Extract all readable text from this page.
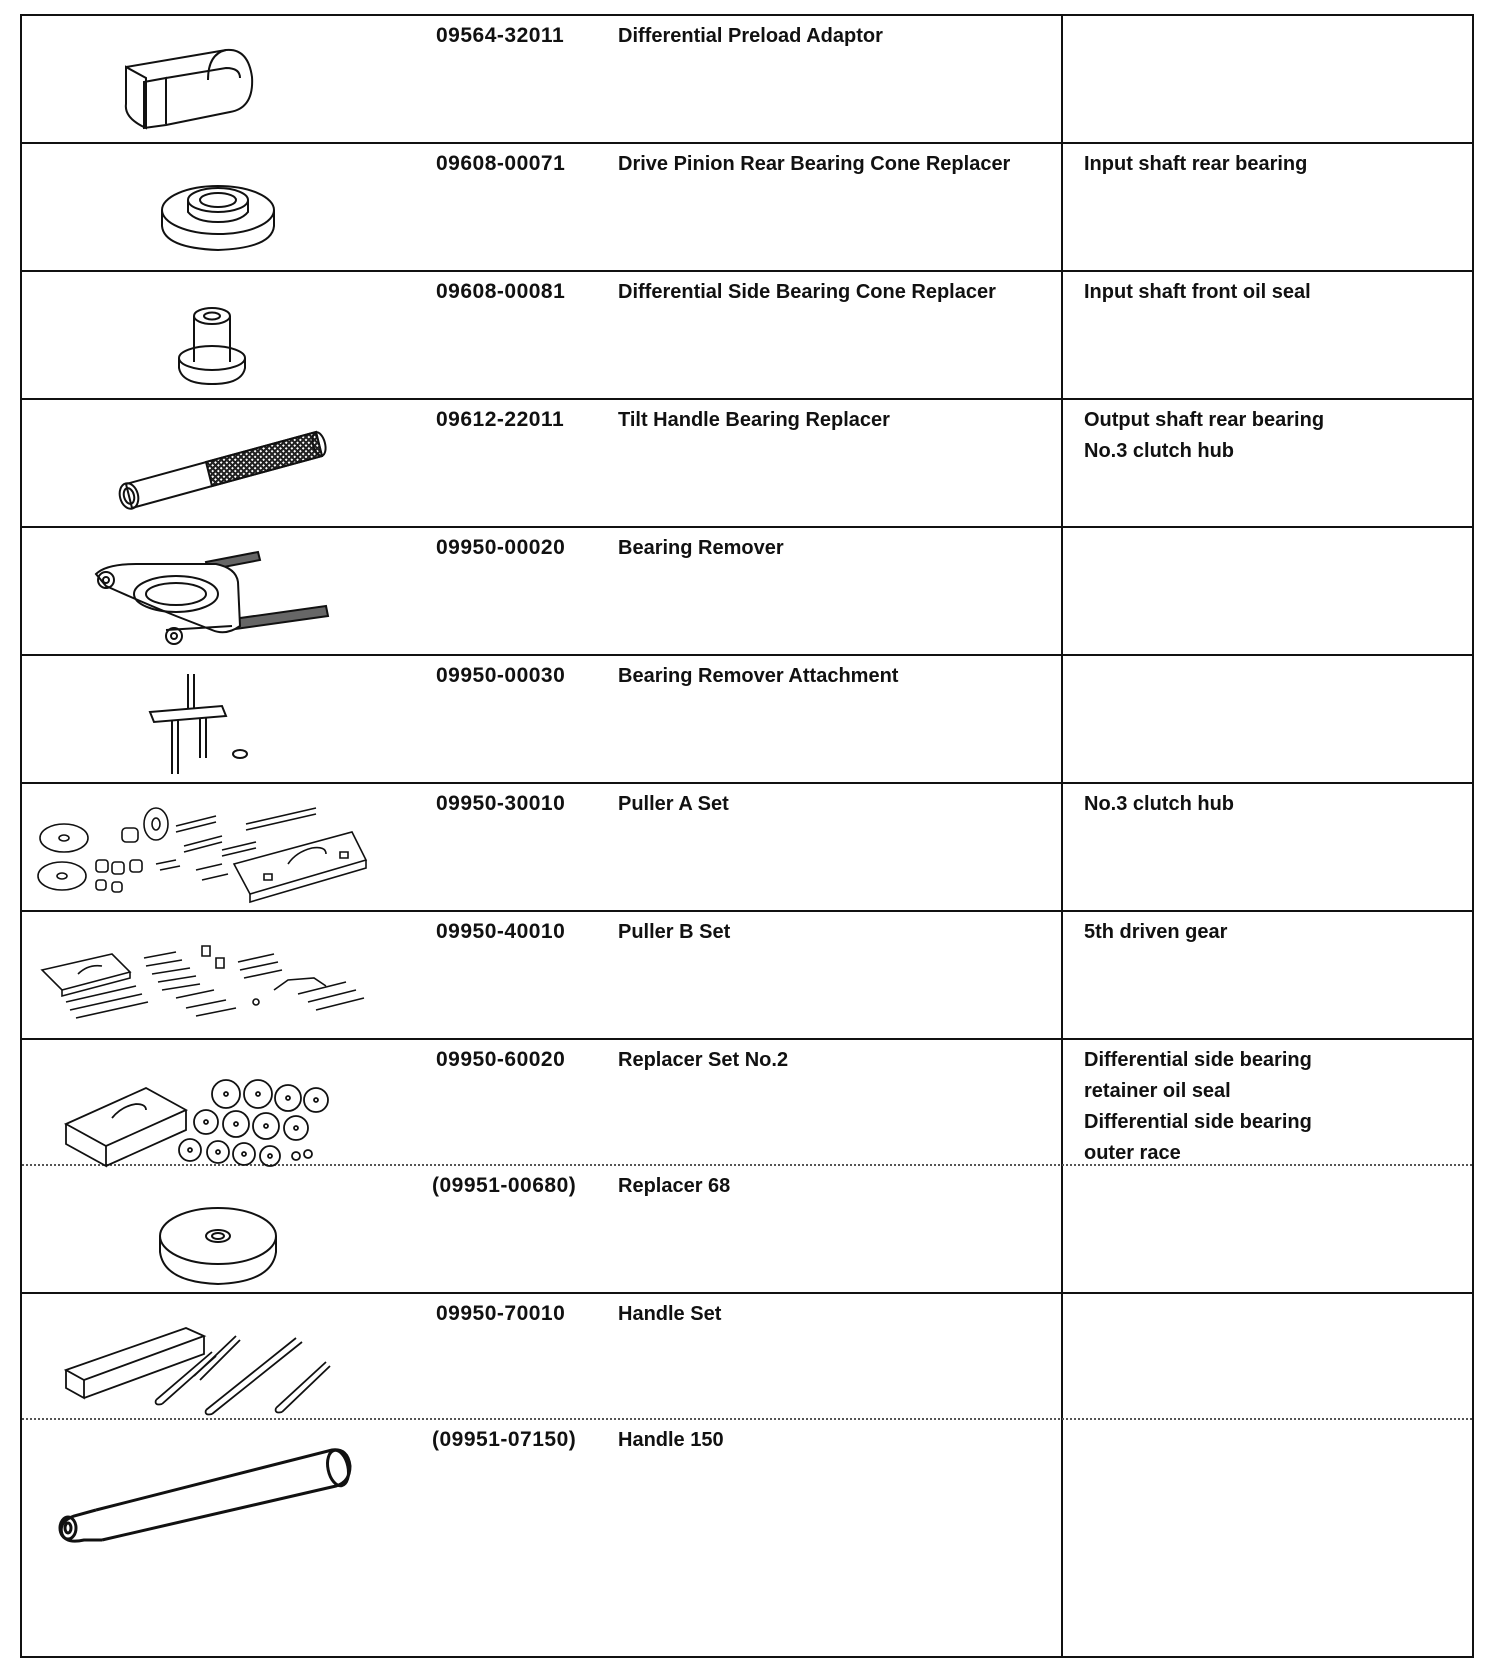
09564-32011	Differential Preload Adaptor
09608-00071	Drive Pinion Rear Bearing Cone Replacer	Input shaft rear bearing
09608-00081	Differential Side Bearing Cone Replacer	Input shaft front oil seal
09612-22011	Tilt Handle Bearing Replacer	Output shaft rear bearing
No.3 clutch hub
09950-00020	Bearing Remover
09950-00030	Bearing Remover Attachment
09950-30010	Puller A Set	No.3 clutch hub
09950-40010	Puller B Set	5th driven gear
09950-60020	Replacer Set No.2	Differential side bearing
retainer oil seal
Differential side bearing
outer race
(09951-00680) Replacer 68
09950-70010	Handle Set
(09951-07150) Handle 150
